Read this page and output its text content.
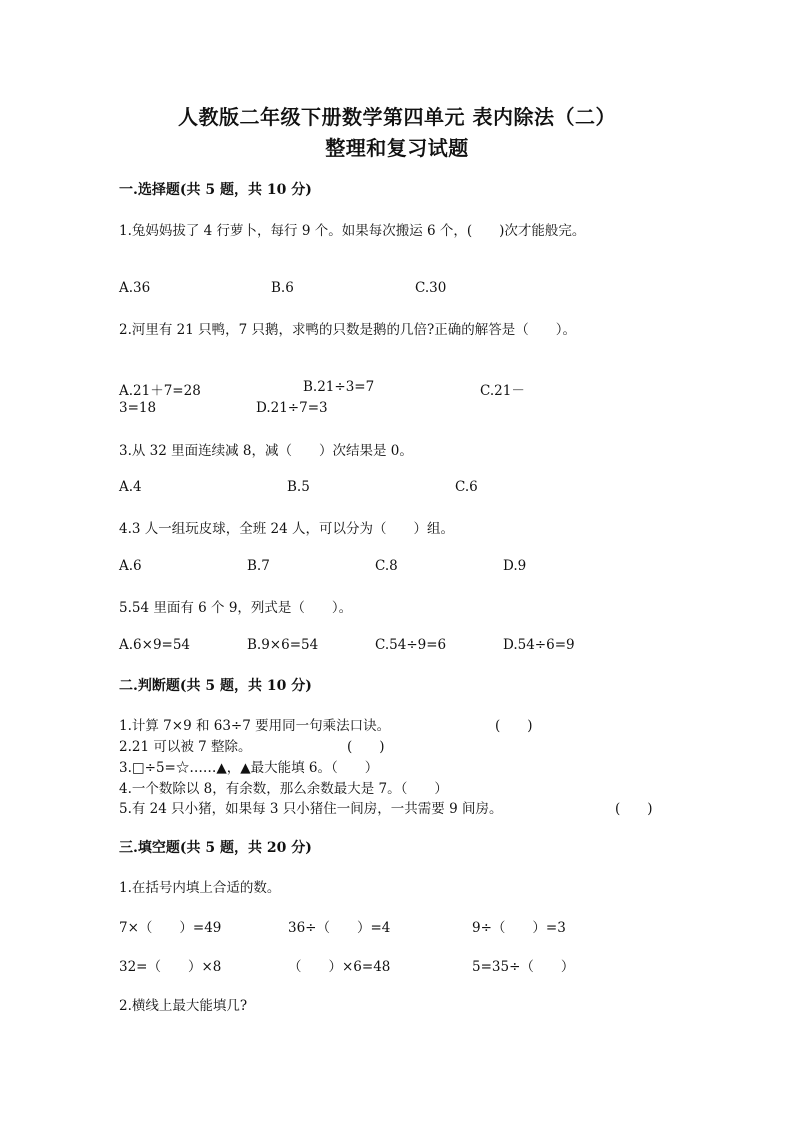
人教版二年级下册数学第四单元 表内除法（二）
整理和复习试题
一.选择题(共 5 题，共 10 分)
1.兔妈妈拔了 4 行萝卜，每行 9 个。如果每次搬运 6 个，(　　)次才能般完。
A.36	B.6	C.30
2.河里有 21 只鸭，7 只鹅，求鸭的只数是鹅的几倍?正确的解答是（　　）。
A.21＋7=28	B.21÷3=7	C.21－
3=18	D.21÷7=3
3.从 32 里面连续减 8，减（　　）次结果是 0。
A.4	B.5	C.6
4.3 人一组玩皮球，全班 24 人，可以分为（　　）组。
A.6	B.7	C.8	D.9
5.54 里面有 6 个 9，列式是（　　）。
A.6×9=54	B.9×6=54	C.54÷9=6	D.54÷6=9
二.判断题(共 5 题，共 10 分)
1.计算 7×9 和 63÷7 要用同一句乘法口诀。	(　　)
2.21 可以被 7 整除。	(　　)
3.□÷5=☆……▲，▲最大能填 6。（　　）
4.一个数除以 8，有余数，那么余数最大是 7。（　　）
5.有 24 只小猪，如果每 3 只小猪住一间房，一共需要 9 间房。	(　　)
三.填空题(共 5 题，共 20 分)
1.在括号内填上合适的数。
7×（　　）=49	36÷（　　）=4	9÷（　　）=3
32=（　　）×8	（　　）×6=48	5=35÷（　　）
2.横线上最大能填几?
